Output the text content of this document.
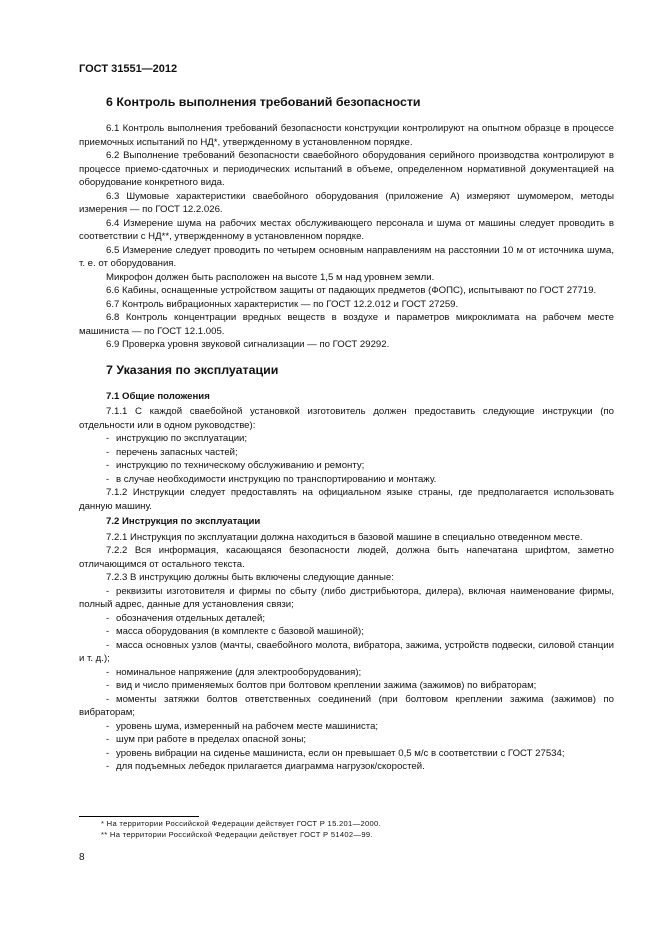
ГОСТ 31551—2012
6 Контроль выполнения требований безопасности

6.1 Контроль выполнения требований безопасности конструкции контролируют на опытном образце в процессе приемочных испытаний по НД*, утвержденному в установленном порядке.

6.2 Выполнение требований безопасности сваебойного оборудования серийного производства контролируют в процессе приемо-сдаточных и периодических испытаний в объеме, определенном нормативной документацией на оборудование конкретного вида.

6.3 Шумовые характеристики сваебойного оборудования (приложение А) измеряют шумомером, методы измерения — по ГОСТ 12.2.026.

6.4 Измерение шума на рабочих местах обслуживающего персонала и шума от машины следует проводить в соответствии с НД**, утвержденному в установленном порядке.

6.5 Измерение следует проводить по четырем основным направлениям на расстоянии 10 м от источника шума, т. е. от оборудования.

Микрофон должен быть расположен на высоте 1,5 м над уровнем земли.

6.6 Кабины, оснащенные устройством защиты от падающих предметов (ФОПС), испытывают по ГОСТ 27719.

6.7 Контроль вибрационных характеристик — по ГОСТ 12.2.012 и ГОСТ 27259.

6.8 Контроль концентрации вредных веществ в воздухе и параметров микроклимата на рабочем месте машиниста — по ГОСТ 12.1.005.

6.9 Проверка уровня звуковой сигнализации — по ГОСТ 29292.

7 Указания по эксплуатации
7.1 Общие положения

7.1.1 С каждой сваебойной установкой изготовитель должен предоставить следующие инструкции (по отдельности или в одном руководстве):

- инструкцию по эксплуатации;
- перечень запасных частей;
- инструкцию по техническому обслуживанию и ремонту;
- в случае необходимости инструкцию по транспортированию и монтажу.

7.1.2 Инструкции следует предоставлять на официальном языке страны, где предполагается использовать данную машину.

7.2 Инструкция по эксплуатации

7.2.1 Инструкция по эксплуатации должна находиться в базовой машине в специально отведенном месте.

7.2.2 Вся информация, касающаяся безопасности людей, должна быть напечатана шрифтом, заметно отличающимся от остального текста.

7.2.3 В инструкцию должны быть включены следующие данные:

- реквизиты изготовителя и фирмы по сбыту (либо дистрибьютора, дилера), включая наименование фирмы, полный адрес, данные для установления связи;
- обозначения отдельных деталей;
- масса оборудования (в комплекте с базовой машиной);
- масса основных узлов (мачты, сваебойного молота, вибратора, зажима, устройств подвески, силовой станции и т. д.);
- номинальное напряжение (для электрооборудования);
- вид и число применяемых болтов при болтовом креплении зажима (зажимов) по вибраторам;
- моменты затяжки болтов ответственных соединений (при болтовом креплении зажима (зажимов) по вибраторам;
- уровень шума, измеренный на рабочем месте машиниста;
- шум при работе в пределах опасной зоны;
- уровень вибрации на сиденье машиниста, если он превышает 0,5 м/с в соответствии с ГОСТ 27534;
- для подъемных лебедок прилагается диаграмма нагрузок/скоростей.
* На территории Российской Федерации действует ГОСТ Р 15.201—2000.
** На территории Российской Федерации действует ГОСТ Р 51402—99.
8
